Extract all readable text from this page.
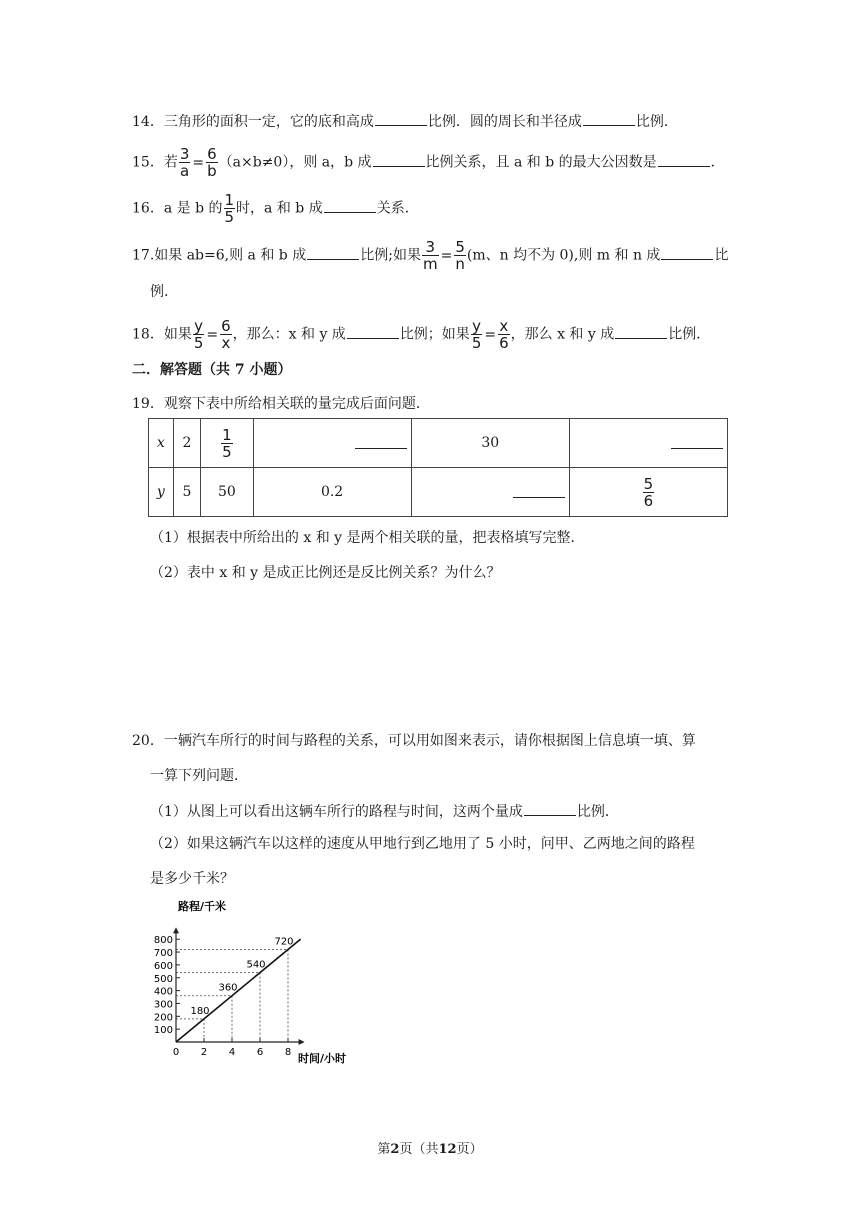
14．三角形的面积一定，它的底和高成	比例．圆的周长和半径成	比例．
15．若 $\frac{3}{a} = \frac{6}{b} (a\times b\ne 0)$，则 a，b 成	比例关系，且 a 和 b 的最大公因数是	．
16．a 是 b 的 $\frac{1}{5}$ 时，a 和 b 成	关系．
17.如果 ab=6,则 a 和 b 成	比例;如果 $\frac{3}{m} = \frac{5}{n} (m$、n 均不为 0),则 m 和 n 成	比
例.
18．如果 $\frac{y}{5} = \frac{6}{x}$ ，那么：x 和 y 成	比例；如果 $\frac{y}{5} = \frac{x}{6}$ ，那么 x 和 y 成	比例．
二．解答题（共 7 小题）
19．观察下表中所给相关联的量完成后面问题．
x	2	$\frac{1}{5}$		30	
y	5	50	0.2		$\frac{5}{6}$
（1）根据表中所给出的 x 和 y 是两个相关联的量，把表格填写完整．
（2）表中 x 和 y 是成正比例还是反比例关系？为什么？
20．一辆汽车所行的时间与路程的关系，可以用如图来表示，请你根据图上信息填一填、算
一算下列问题．
（1）从图上可以看出这辆车所行的路程与时间，这两个量成	比例．
（2）如果这辆汽车以这样的速度从甲地行到乙地用了 5 小时，问甲、乙两地之间的路程
是多少千米？
100
200
300
400
500
600
700
800
0 2 4 6 8
180
360
540
720
路程/千米
时间/小时
第2页（共12页）
